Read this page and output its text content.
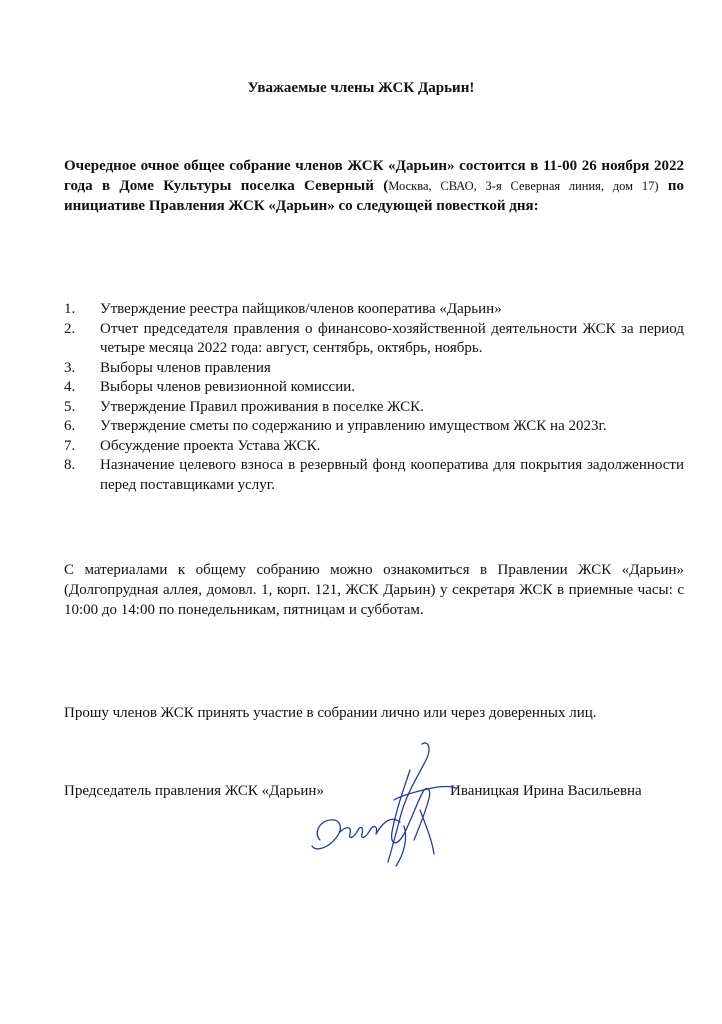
Уважаемые члены ЖСК Дарьин!
Очередное очное общее собрание членов ЖСК «Дарьин» состоится в 11-00 26 ноября 2022 года в Доме Культуры поселка Северный (Москва, СВАО, 3-я Северная линия, дом 17) по инициативе Правления ЖСК «Дарьин» со следующей повесткой дня:
1.	Утверждение реестра пайщиков/членов кооператива «Дарьин»
2.	Отчет председателя правления о финансово-хозяйственной деятельности ЖСК за период четыре месяца 2022 года: август, сентябрь, октябрь, ноябрь.
3.	Выборы членов правления
4.	Выборы членов ревизионной комиссии.
5.	Утверждение Правил проживания в поселке ЖСК.
6.	Утверждение сметы по содержанию и управлению имуществом ЖСК на 2023г.
7.	Обсуждение проекта Устава ЖСК.
8.	Назначение целевого взноса в резервный фонд кооператива для покрытия задолженности перед поставщиками услуг.
С материалами к общему собранию можно ознакомиться в Правлении ЖСК «Дарьин» (Долгопрудная аллея, домовл. 1, корп. 121, ЖСК Дарьин) у секретаря ЖСК в приемные часы: с 10:00 до 14:00 по понедельникам, пятницам и субботам.
Прошу членов ЖСК принять участие в собрании лично или через доверенных лиц.
Председатель правления ЖСК «Дарьин»	Иваницкая Ирина Васильевна
